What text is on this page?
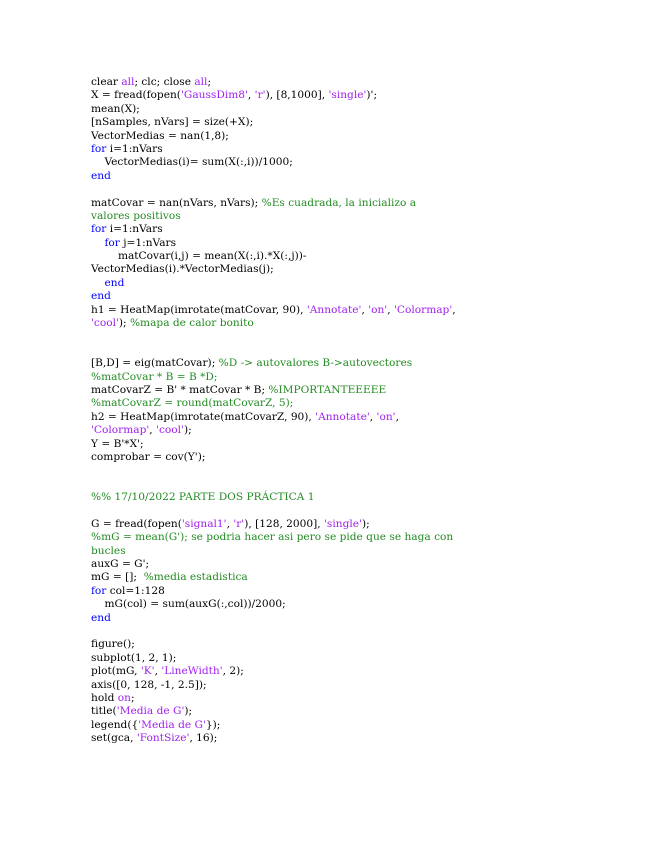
clear all; clc; close all;
X = fread(fopen('GaussDim8', 'r'), [8,1000], 'single')';
mean(X);
[nSamples, nVars] = size(+X);
VectorMedias = nan(1,8);
for i=1:nVars
VectorMedias(i)= sum(X(:,i))/1000;
end

matCovar = nan(nVars, nVars); %Es cuadrada, la inicializo a
valores positivos
for i=1:nVars
for j=1:nVars
matCovar(i,j) = mean(X(:,i).*X(:,j))-
VectorMedias(i).*VectorMedias(j);
end
end
h1 = HeatMap(imrotate(matCovar, 90), 'Annotate', 'on', 'Colormap',
'cool'); %mapa de calor bonito

[B,D] = eig(matCovar); %D -> autovalores B->autovectores
%matCovar * B = B *D;
matCovarZ = B' * matCovar * B; %IMPORTANTEEEEE
%matCovarZ = round(matCovarZ, 5);
h2 = HeatMap(imrotate(matCovarZ, 90), 'Annotate', 'on',
'Colormap', 'cool');
Y = B'*X';
comprobar = cov(Y');

%% 17/10/2022 PARTE DOS PRÁCTICA 1

G = fread(fopen('signal1', 'r'), [128, 2000], 'single');
%mG = mean(G'); se podria hacer asi pero se pide que se haga con
bucles
auxG = G';
mG = [];  %media estadistica
for col=1:128
mG(col) = sum(auxG(:,col))/2000;
end

figure();
subplot(1, 2, 1);
plot(mG, 'K', 'LineWidth', 2);
axis([0, 128, -1, 2.5]);
hold on;
title('Media de G');
legend({'Media de G'});
set(gca, 'FontSize', 16);
